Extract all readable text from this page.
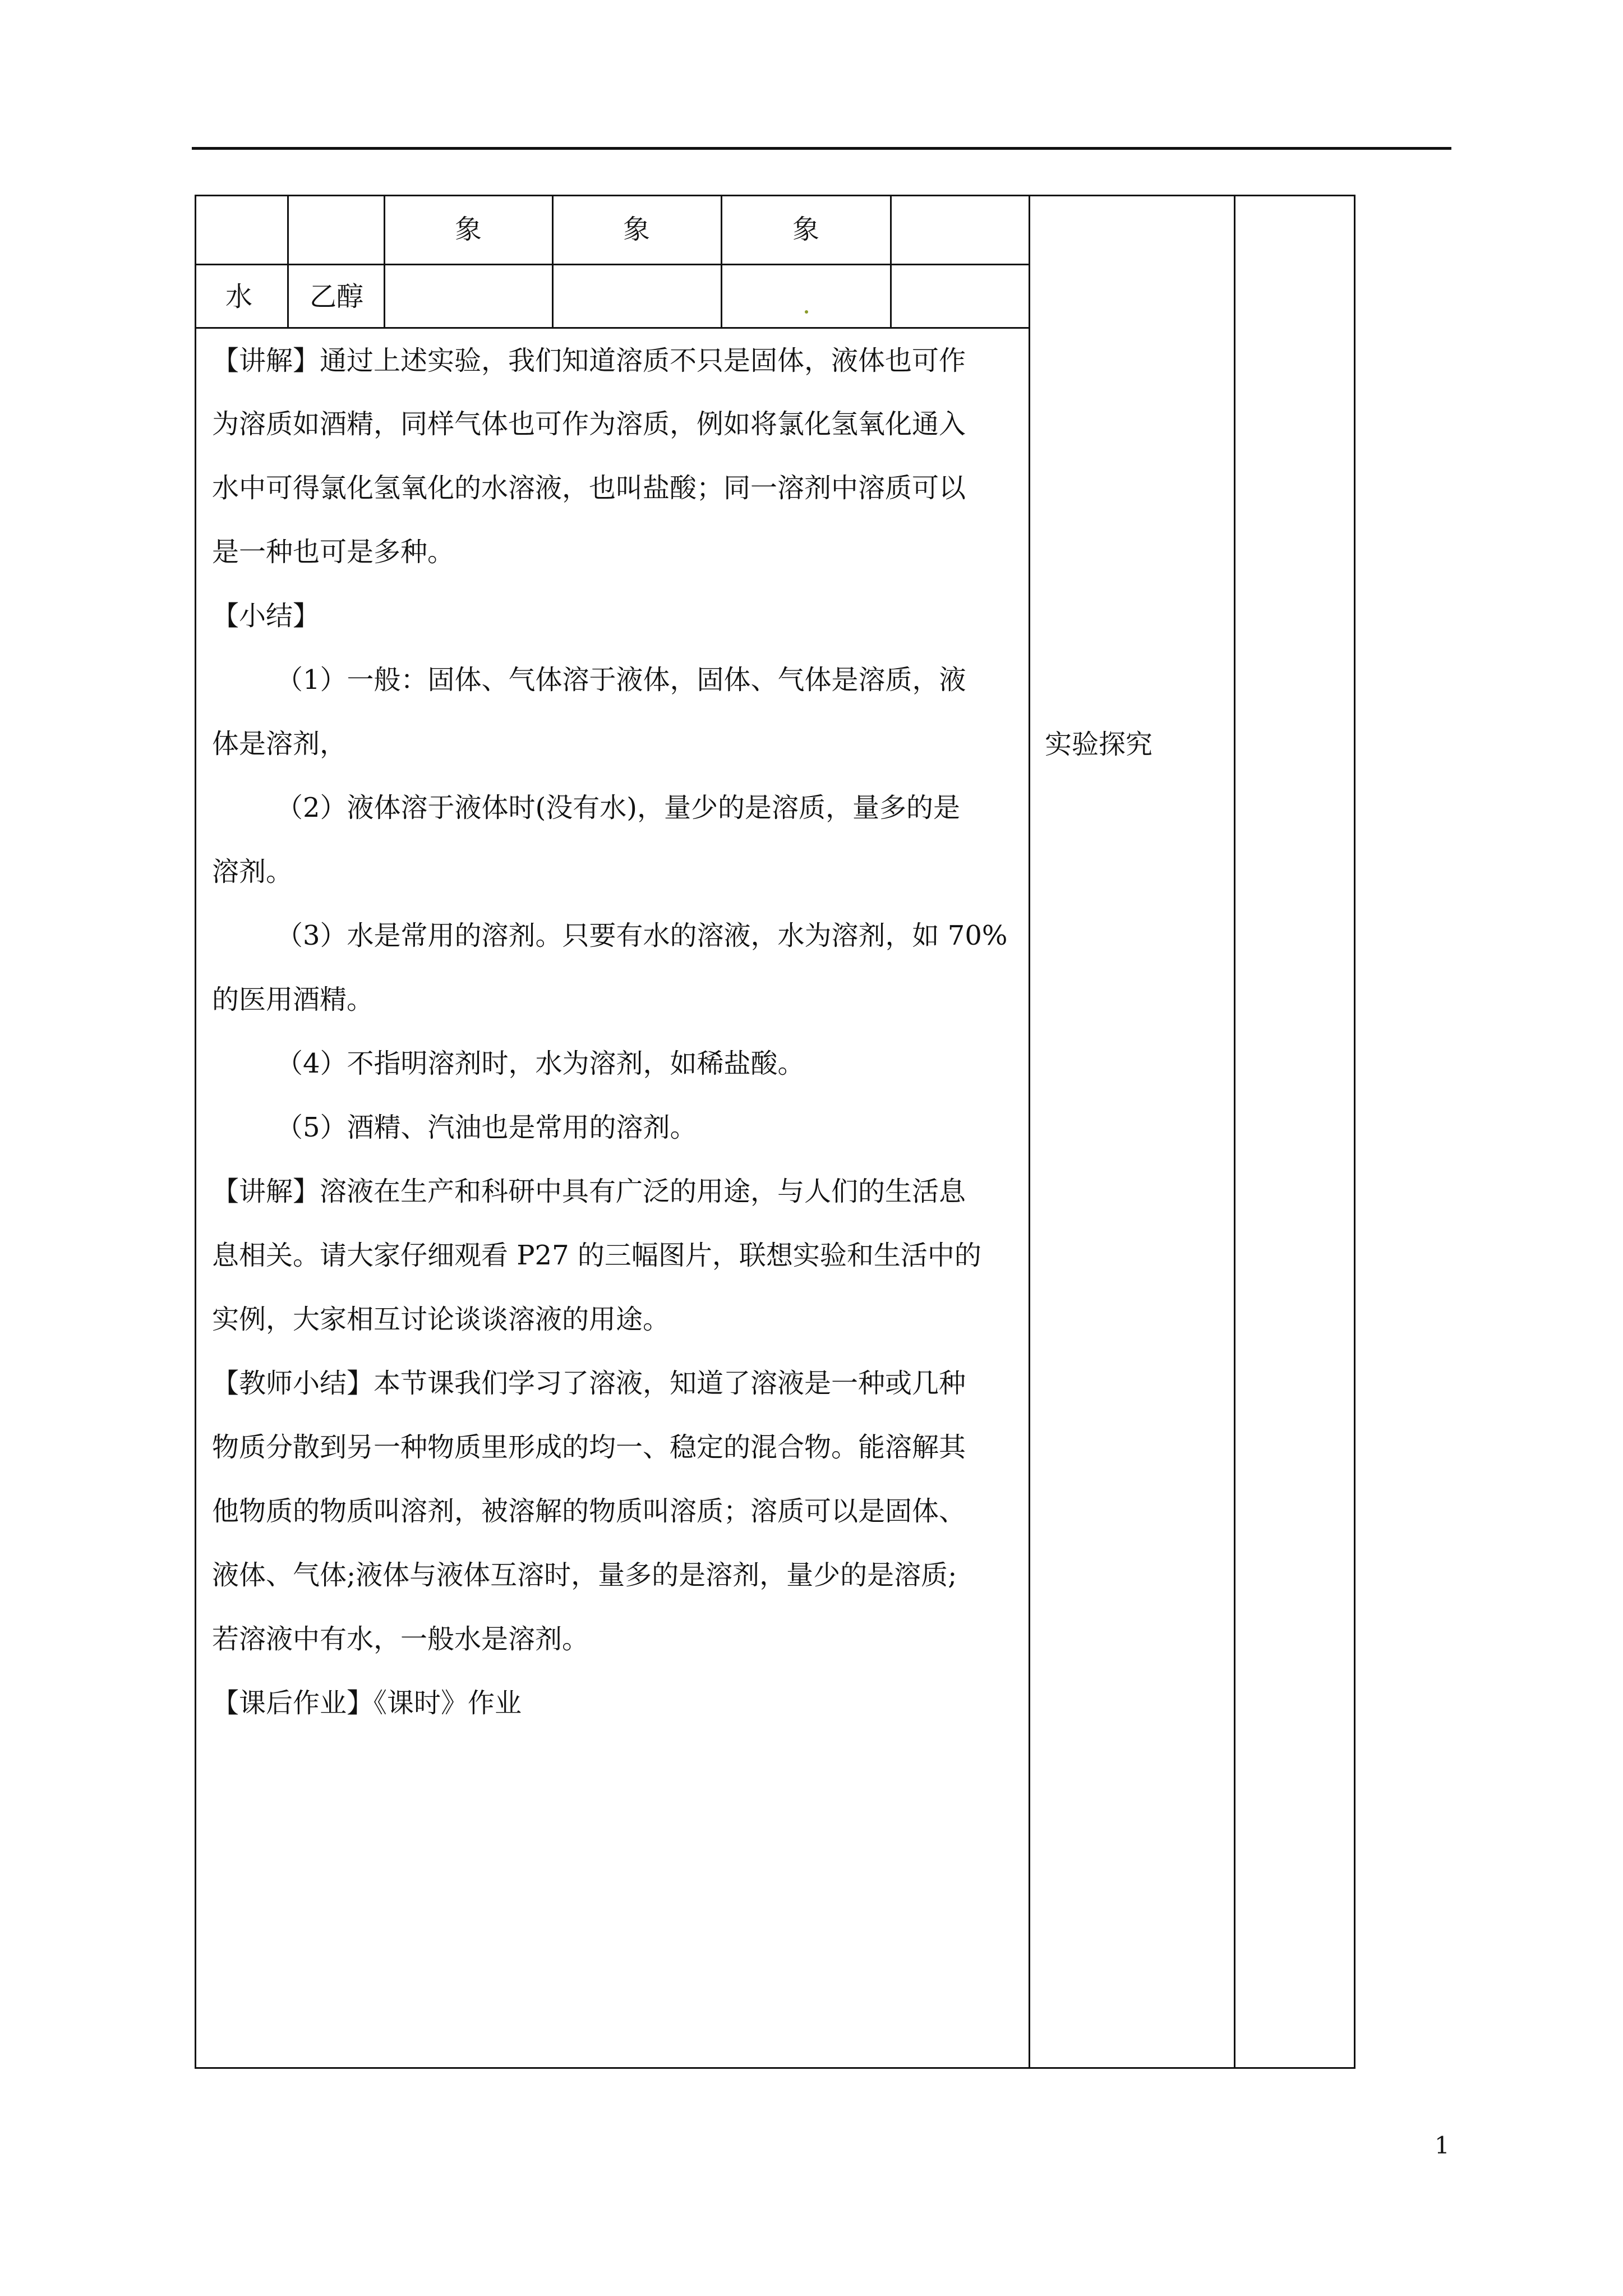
象	象	象
水 乙醇
【讲解】通过上述实验，我们知道溶质不只是固体，液体也可作
为溶质如酒精，同样气体也可作为溶质，例如将氯化氢氧化通入
水中可得氯化氢氧化的水溶液，也叫盐酸；同一溶剂中溶质可以
是一种也可是多种。
【小结】
（1）一般：固体、气体溶于液体，固体、气体是溶质，液
体是溶剂，
（2）液体溶于液体时(没有水)，量少的是溶质，量多的是
溶剂。
（3）水是常用的溶剂。只要有水的溶液，水为溶剂，如 70%
的医用酒精。
（4）不指明溶剂时，水为溶剂，如稀盐酸。
（5）酒精、汽油也是常用的溶剂。
【讲解】溶液在生产和科研中具有广泛的用途，与人们的生活息
息相关。请大家仔细观看 P27 的三幅图片，联想实验和生活中的
实例，大家相互讨论谈谈溶液的用途。
【教师小结】本节课我们学习了溶液，知道了溶液是一种或几种
物质分散到另一种物质里形成的均一、稳定的混合物。能溶解其
他物质的物质叫溶剂，被溶解的物质叫溶质；溶质可以是固体、
液体、气体;液体与液体互溶时，量多的是溶剂，量少的是溶质;
若溶液中有水，一般水是溶剂。
【课后作业】《课时》作业
实验探究
1
